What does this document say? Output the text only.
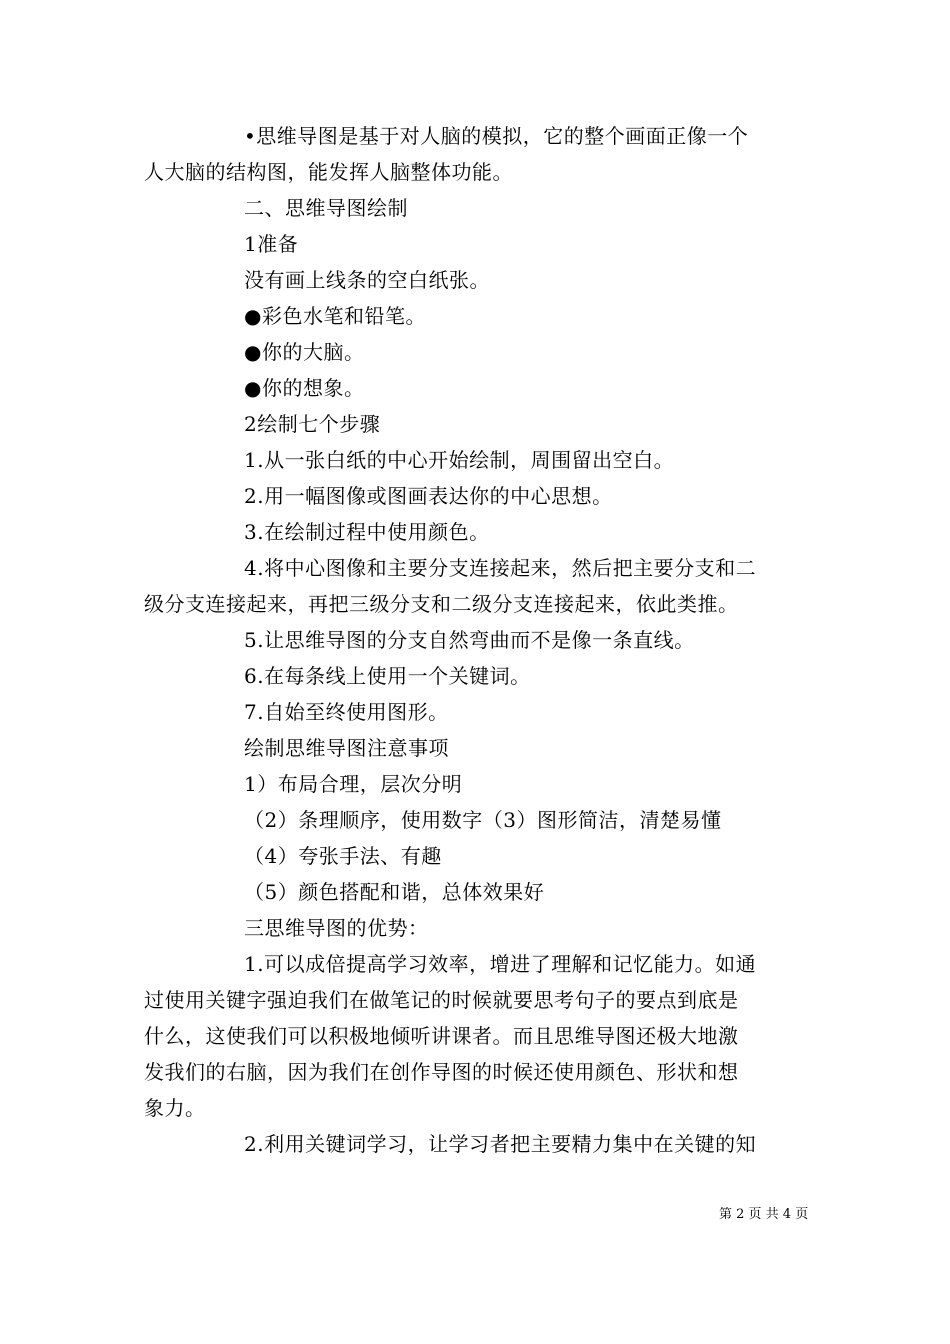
•思维导图是基于对人脑的模拟，它的整个画面正像一个
人大脑的结构图，能发挥人脑整体功能。
二、思维导图绘制
1准备
没有画上线条的空白纸张。
●彩色水笔和铅笔。
●你的大脑。
●你的想象。
2绘制七个步骤
1.从一张白纸的中心开始绘制，周围留出空白。
2.用一幅图像或图画表达你的中心思想。
3.在绘制过程中使用颜色。
4.将中心图像和主要分支连接起来，然后把主要分支和二
级分支连接起来，再把三级分支和二级分支连接起来，依此类推。
5.让思维导图的分支自然弯曲而不是像一条直线。
6.在每条线上使用一个关键词。
7.自始至终使用图形。
绘制思维导图注意事项
1）布局合理，层次分明
（2）条理顺序，使用数字（3）图形简洁，清楚易懂
（4）夸张手法、有趣
（5）颜色搭配和谐，总体效果好
三思维导图的优势：
1.可以成倍提高学习效率，增进了理解和记忆能力。如通
过使用关键字强迫我们在做笔记的时候就要思考句子的要点到底是
什么，这使我们可以积极地倾听讲课者。而且思维导图还极大地激
发我们的右脑，因为我们在创作导图的时候还使用颜色、形状和想
象力。
2.利用关键词学习，让学习者把主要精力集中在关键的知
第 2 页 共 4 页
